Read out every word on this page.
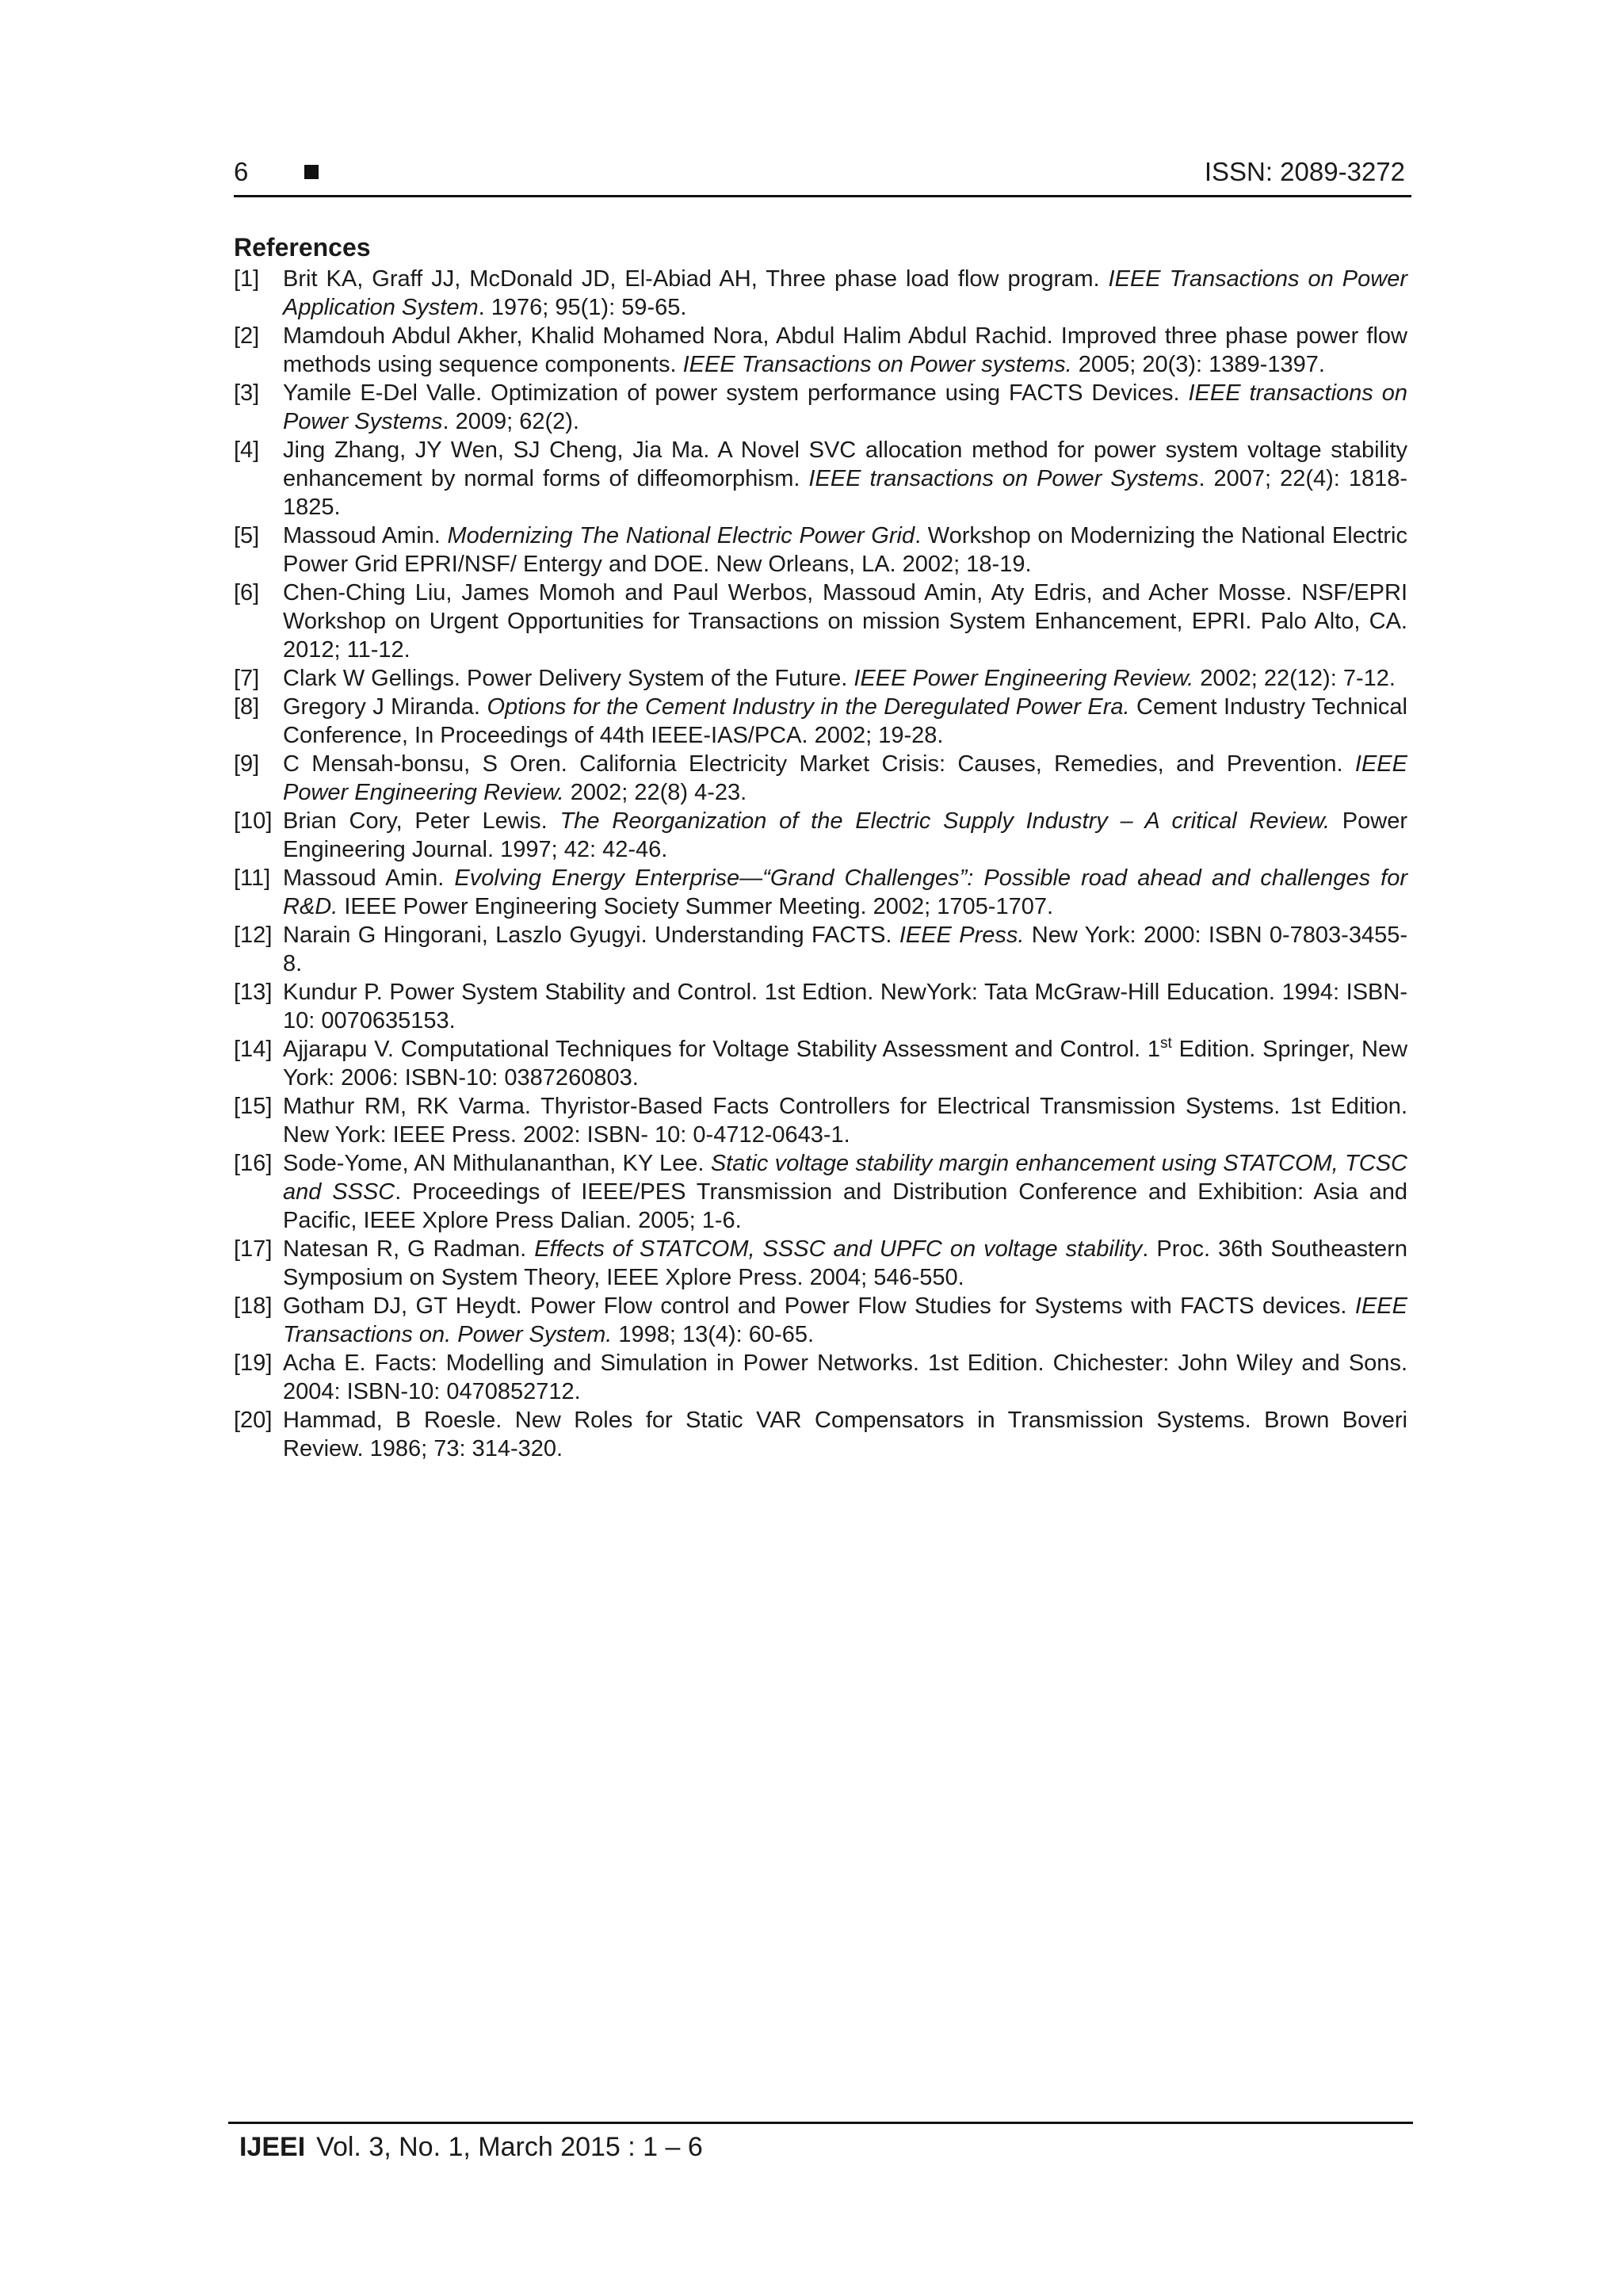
6	ISSN: 2089-3272
References
[1] Brit KA, Graff JJ, McDonald JD, El-Abiad AH, Three phase load flow program. IEEE Transactions on Power Application System. 1976; 95(1): 59-65.
[2] Mamdouh Abdul Akher, Khalid Mohamed Nora, Abdul Halim Abdul Rachid. Improved three phase power flow methods using sequence components. IEEE Transactions on Power systems. 2005; 20(3): 1389-1397.
[3] Yamile E-Del Valle. Optimization of power system performance using FACTS Devices. IEEE transactions on Power Systems. 2009; 62(2).
[4] Jing Zhang, JY Wen, SJ Cheng, Jia Ma. A Novel SVC allocation method for power system voltage stability enhancement by normal forms of diffeomorphism. IEEE transactions on Power Systems. 2007; 22(4): 1818-1825.
[5] Massoud Amin. Modernizing The National Electric Power Grid. Workshop on Modernizing the National Electric Power Grid EPRI/NSF/ Entergy and DOE. New Orleans, LA. 2002; 18-19.
[6] Chen-Ching Liu, James Momoh and Paul Werbos, Massoud Amin, Aty Edris, and Acher Mosse. NSF/EPRI Workshop on Urgent Opportunities for Transactions on mission System Enhancement, EPRI. Palo Alto, CA. 2012; 11-12.
[7] Clark W Gellings. Power Delivery System of the Future. IEEE Power Engineering Review. 2002; 22(12): 7-12.
[8] Gregory J Miranda. Options for the Cement Industry in the Deregulated Power Era. Cement Industry Technical Conference, In Proceedings of 44th IEEE-IAS/PCA. 2002; 19-28.
[9] C Mensah-bonsu, S Oren. California Electricity Market Crisis: Causes, Remedies, and Prevention. IEEE Power Engineering Review. 2002; 22(8) 4-23.
[10] Brian Cory, Peter Lewis. The Reorganization of the Electric Supply Industry – A critical Review. Power Engineering Journal. 1997; 42: 42-46.
[11] Massoud Amin. Evolving Energy Enterprise—“Grand Challenges”: Possible road ahead and challenges for R&D. IEEE Power Engineering Society Summer Meeting. 2002; 1705-1707.
[12] Narain G Hingorani, Laszlo Gyugyi. Understanding FACTS. IEEE Press. New York: 2000: ISBN 0-7803-3455-8.
[13] Kundur P. Power System Stability and Control. 1st Edtion. NewYork: Tata McGraw-Hill Education. 1994: ISBN-10: 0070635153.
[14] Ajjarapu V. Computational Techniques for Voltage Stability Assessment and Control. 1st Edition. Springer, New York: 2006: ISBN-10: 0387260803.
[15] Mathur RM, RK Varma. Thyristor-Based Facts Controllers for Electrical Transmission Systems. 1st Edition. New York: IEEE Press. 2002: ISBN- 10: 0-4712-0643-1.
[16] Sode-Yome, AN Mithulananthan, KY Lee. Static voltage stability margin enhancement using STATCOM, TCSC and SSSC. Proceedings of IEEE/PES Transmission and Distribution Conference and Exhibition: Asia and Pacific, IEEE Xplore Press Dalian. 2005; 1-6.
[17] Natesan R, G Radman. Effects of STATCOM, SSSC and UPFC on voltage stability. Proc. 36th Southeastern Symposium on System Theory, IEEE Xplore Press. 2004; 546-550.
[18] Gotham DJ, GT Heydt. Power Flow control and Power Flow Studies for Systems with FACTS devices. IEEE Transactions on. Power System. 1998; 13(4): 60-65.
[19] Acha E. Facts: Modelling and Simulation in Power Networks. 1st Edition. Chichester: John Wiley and Sons. 2004: ISBN-10: 0470852712.
[20] Hammad, B Roesle. New Roles for Static VAR Compensators in Transmission Systems. Brown Boveri Review. 1986; 73: 314-320.
IJEEI Vol. 3, No. 1, March 2015 : 1 – 6
